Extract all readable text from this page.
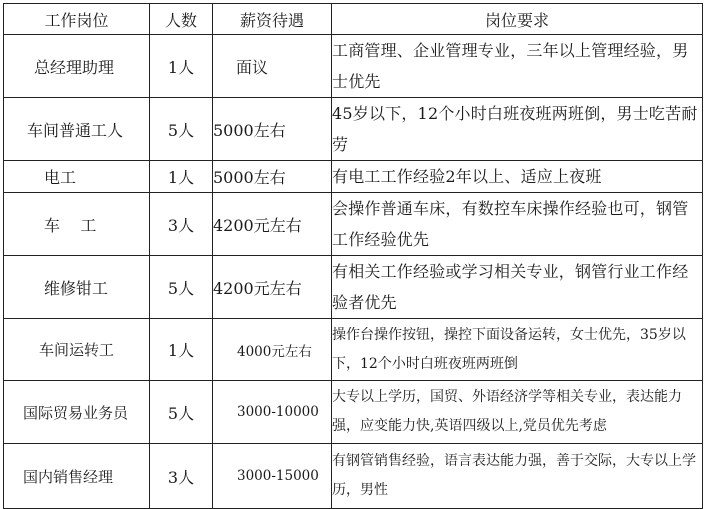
工作岗位	人数	薪资待遇	岗位要求
总经理助理	1人	面议	工商管理、企业管理专业，三年以上管理经验，男士优先
车间普通工人	5人	5000左右	45岁以下，12个小时白班夜班两班倒，男士吃苦耐劳
电工	1人	5000左右	有电工工作经验2年以上、适应上夜班
车    工	3人	4200元左右	会操作普通车床，有数控车床操作经验也可，钢管工作经验优先
维修钳工	5人	4200元左右	有相关工作经验或学习相关专业，钢管行业工作经验者优先
车间运转工	1人	4000元左右	操作台操作按钮，操控下面设备运转，女士优先，35岁以下，12个小时白班夜班两班倒
国际贸易业务员	5人	3000-10000	大专以上学历，国贸、外语经济学等相关专业，表达能力强，应变能力快,英语四级以上,党员优先考虑
国内销售经理	3人	3000-15000	有钢管销售经验，语言表达能力强，善于交际，大专以上学历，男性
